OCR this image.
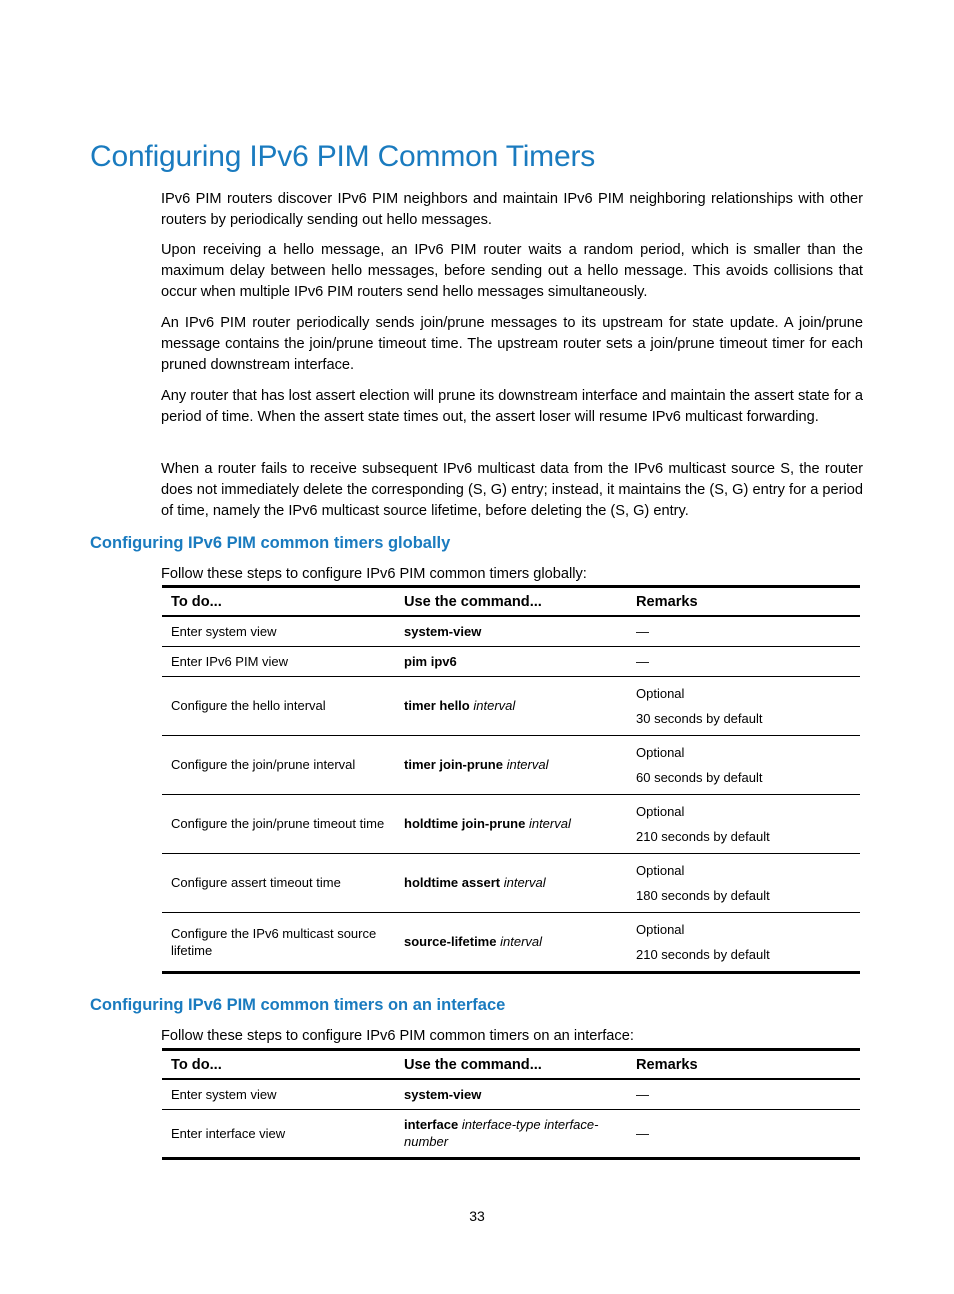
Configuring IPv6 PIM Common Timers

IPv6 PIM routers discover IPv6 PIM neighbors and maintain IPv6 PIM neighboring relationships with other routers by periodically sending out hello messages.

Upon receiving a hello message, an IPv6 PIM router waits a random period, which is smaller than the maximum delay between hello messages, before sending out a hello message. This avoids collisions that occur when multiple IPv6 PIM routers send hello messages simultaneously.

An IPv6 PIM router periodically sends join/prune messages to its upstream for state update. A join/prune message contains the join/prune timeout time. The upstream router sets a join/prune timeout timer for each pruned downstream interface.

Any router that has lost assert election will prune its downstream interface and maintain the assert state for a period of time. When the assert state times out, the assert loser will resume IPv6 multicast forwarding.

When a router fails to receive subsequent IPv6 multicast data from the IPv6 multicast source S, the router does not immediately delete the corresponding (S, G) entry; instead, it maintains the (S, G) entry for a period of time, namely the IPv6 multicast source lifetime, before deleting the (S, G) entry.

Configuring IPv6 PIM common timers globally

Follow these steps to configure IPv6 PIM common timers globally:

To do...	Use the command...	Remarks
Enter system view	system-view	—
Enter IPv6 PIM view	pim ipv6	—
Configure the hello interval	timer hello interval	Optional
30 seconds by default

Configure the join/prune interval	timer join-prune interval	Optional
60 seconds by default

Configure the join/prune timeout time	holdtime join-prune interval	Optional
210 seconds by default

Configure assert timeout time	holdtime assert interval	Optional
180 seconds by default

Configure the IPv6 multicast source lifetime	source-lifetime interval	Optional
210 seconds by default
Configuring IPv6 PIM common timers on an interface

Follow these steps to configure IPv6 PIM common timers on an interface:

To do...	Use the command...	Remarks
Enter system view	system-view	—
Enter interface view	interface interface-type interface-number	—

33
